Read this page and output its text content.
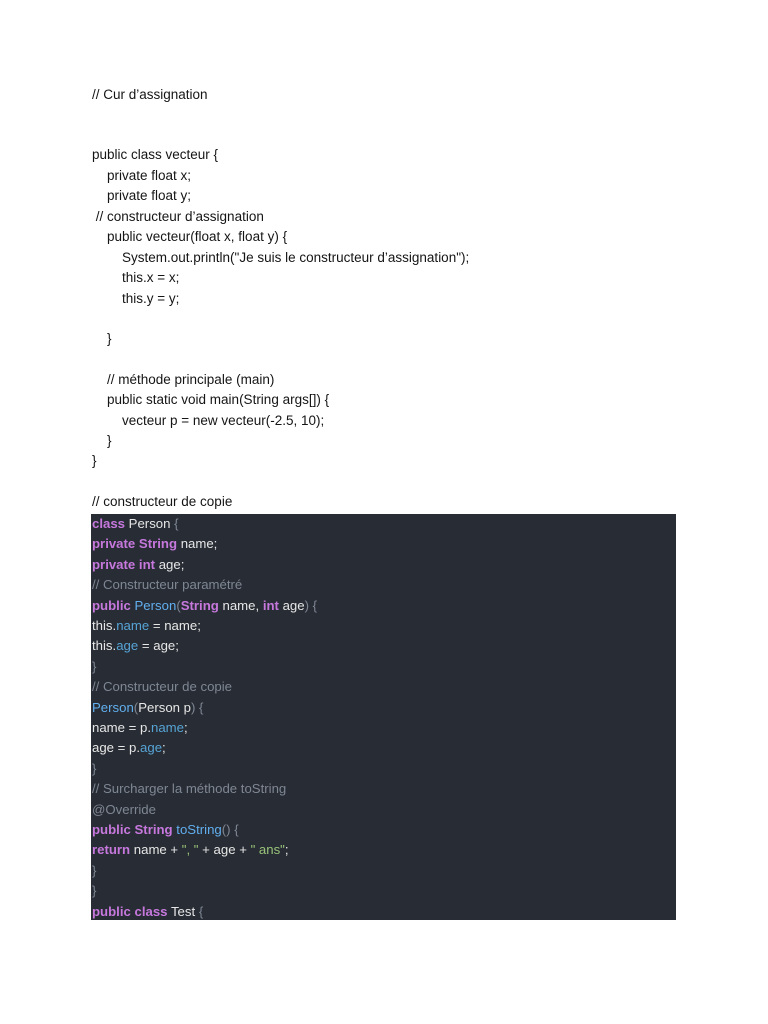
// Cur d’assignation
public class vecteur {
private float x;
private float y;
// constructeur d’assignation
public vecteur(float x, float y) {
System.out.println("Je suis le constructeur d’assignation");
this.x = x;
this.y = y;
}
// méthode principale (main)
public static void main(String args[]) {
vecteur p = new vecteur(-2.5, 10);
}
}
// constructeur de copie
class Person {
private String name;
private int age;
// Constructeur paramétré
public Person(String name, int age) {
this.name = name;
this.age = age;
}
// Constructeur de copie
Person(Person p) {
name = p.name;
age = p.age;
}
// Surcharger la méthode toString
@Override
public String toString() {
return name + ", " + age + " ans";
}
}
public class Test {
